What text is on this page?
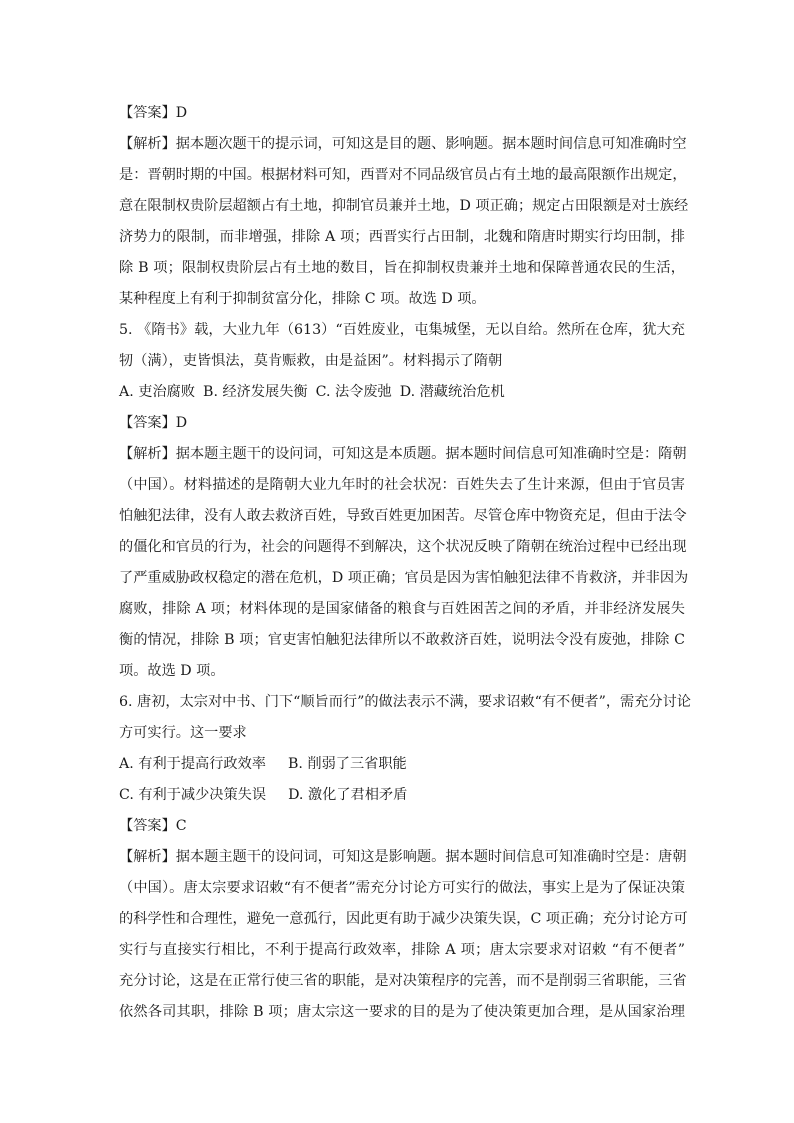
【答案】D
【解析】据本题次题干的提示词，可知这是目的题、影响题。据本题时间信息可知准确时空
是：晋朝时期的中国。根据材料可知，西晋对不同品级官员占有土地的最高限额作出规定，
意在限制权贵阶层超额占有土地，抑制官员兼并土地，D 项正确；规定占田限额是对士族经
济势力的限制，而非增强，排除 A 项；西晋实行占田制，北魏和隋唐时期实行均田制，排
除 B 项；限制权贵阶层占有土地的数目，旨在抑制权贵兼并土地和保障普通农民的生活，
某种程度上有利于抑制贫富分化，排除 C 项。故选 D 项。
5. 《隋书》载，大业九年（613）“百姓废业，屯集城堡，无以自给。然所在仓库，犹大充
牣（满），吏皆惧法，莫肯赈救，由是益困”。材料揭示了隋朝
A. 吏治腐败 B. 经济发展失衡 C. 法令废弛 D. 潜藏统治危机
【答案】D
【解析】据本题主题干的设问词，可知这是本质题。据本题时间信息可知准确时空是：隋朝
（中国）。材料描述的是隋朝大业九年时的社会状况：百姓失去了生计来源，但由于官员害
怕触犯法律，没有人敢去救济百姓，导致百姓更加困苦。尽管仓库中物资充足，但由于法令
的僵化和官员的行为，社会的问题得不到解决，这个状况反映了隋朝在统治过程中已经出现
了严重威胁政权稳定的潜在危机，D 项正确；官员是因为害怕触犯法律不肯救济，并非因为
腐败，排除 A 项；材料体现的是国家储备的粮食与百姓困苦之间的矛盾，并非经济发展失
衡的情况，排除 B 项；官吏害怕触犯法律所以不敢救济百姓，说明法令没有废弛，排除 C
项。故选 D 项。
6. 唐初，太宗对中书、门下“顺旨而行”的做法表示不满，要求诏敕“有不便者”，需充分讨论
方可实行。这一要求
A. 有利于提高行政效率 B. 削弱了三省职能
C. 有利于减少决策失误 D. 激化了君相矛盾
【答案】C
【解析】据本题主题干的设问词，可知这是影响题。据本题时间信息可知准确时空是：唐朝
（中国）。唐太宗要求诏敕“有不便者”需充分讨论方可实行的做法，事实上是为了保证决策
的科学性和合理性，避免一意孤行，因此更有助于减少决策失误，C 项正确；充分讨论方可
实行与直接实行相比，不利于提高行政效率，排除 A 项；唐太宗要求对诏敕 “有不便者”
充分讨论，这是在正常行使三省的职能，是对决策程序的完善，而不是削弱三省职能，三省
依然各司其职，排除 B 项；唐太宗这一要求的目的是为了使决策更加合理，是从国家治理
